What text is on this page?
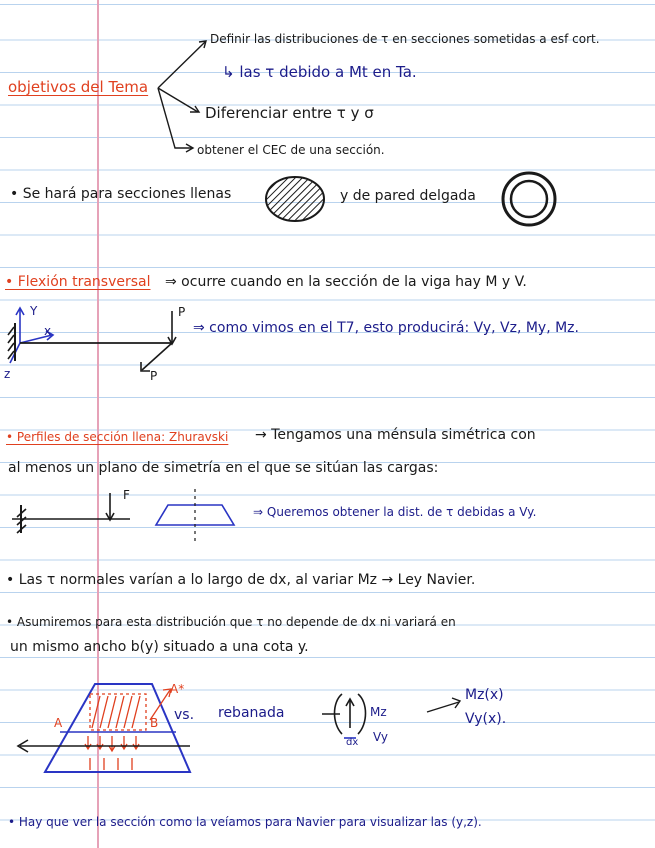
objetivos del Tema
Definir las distribuciones de τ en secciones sometidas a esf cort.
↳ las τ debido a Mt en Ta.
Diferenciar entre τ y σ
obtener el CEC de una sección.
• Se hará para secciones llenas	y de pared delgada
• Flexión transversal ⇒ ocurre cuando en la sección de la viga hay M y V.
Y
x
z
P
P
⇒ como vimos en el T7, esto producirá: Vy, Vz, My, Mz.
• Perfiles de sección llena: Zhuravski → Tengamos una ménsula simétrica con
al menos un plano de simetría en el que se sitúan las cargas:
F
⇒ Queremos obtener la dist. de τ debidas a Vy.
• Las τ normales varían a lo largo de dx, al variar Mz → Ley Navier.
• Asumiremos para esta distribución que τ no depende de dx ni variará en
un mismo ancho b(y) situado a una cota y.
A*
A	B vs. rebanada	Mz
Vy
dx
Mz(x)
Vy(x).
• Hay que ver la sección como la veíamos para Navier para visualizar las (y,z).
